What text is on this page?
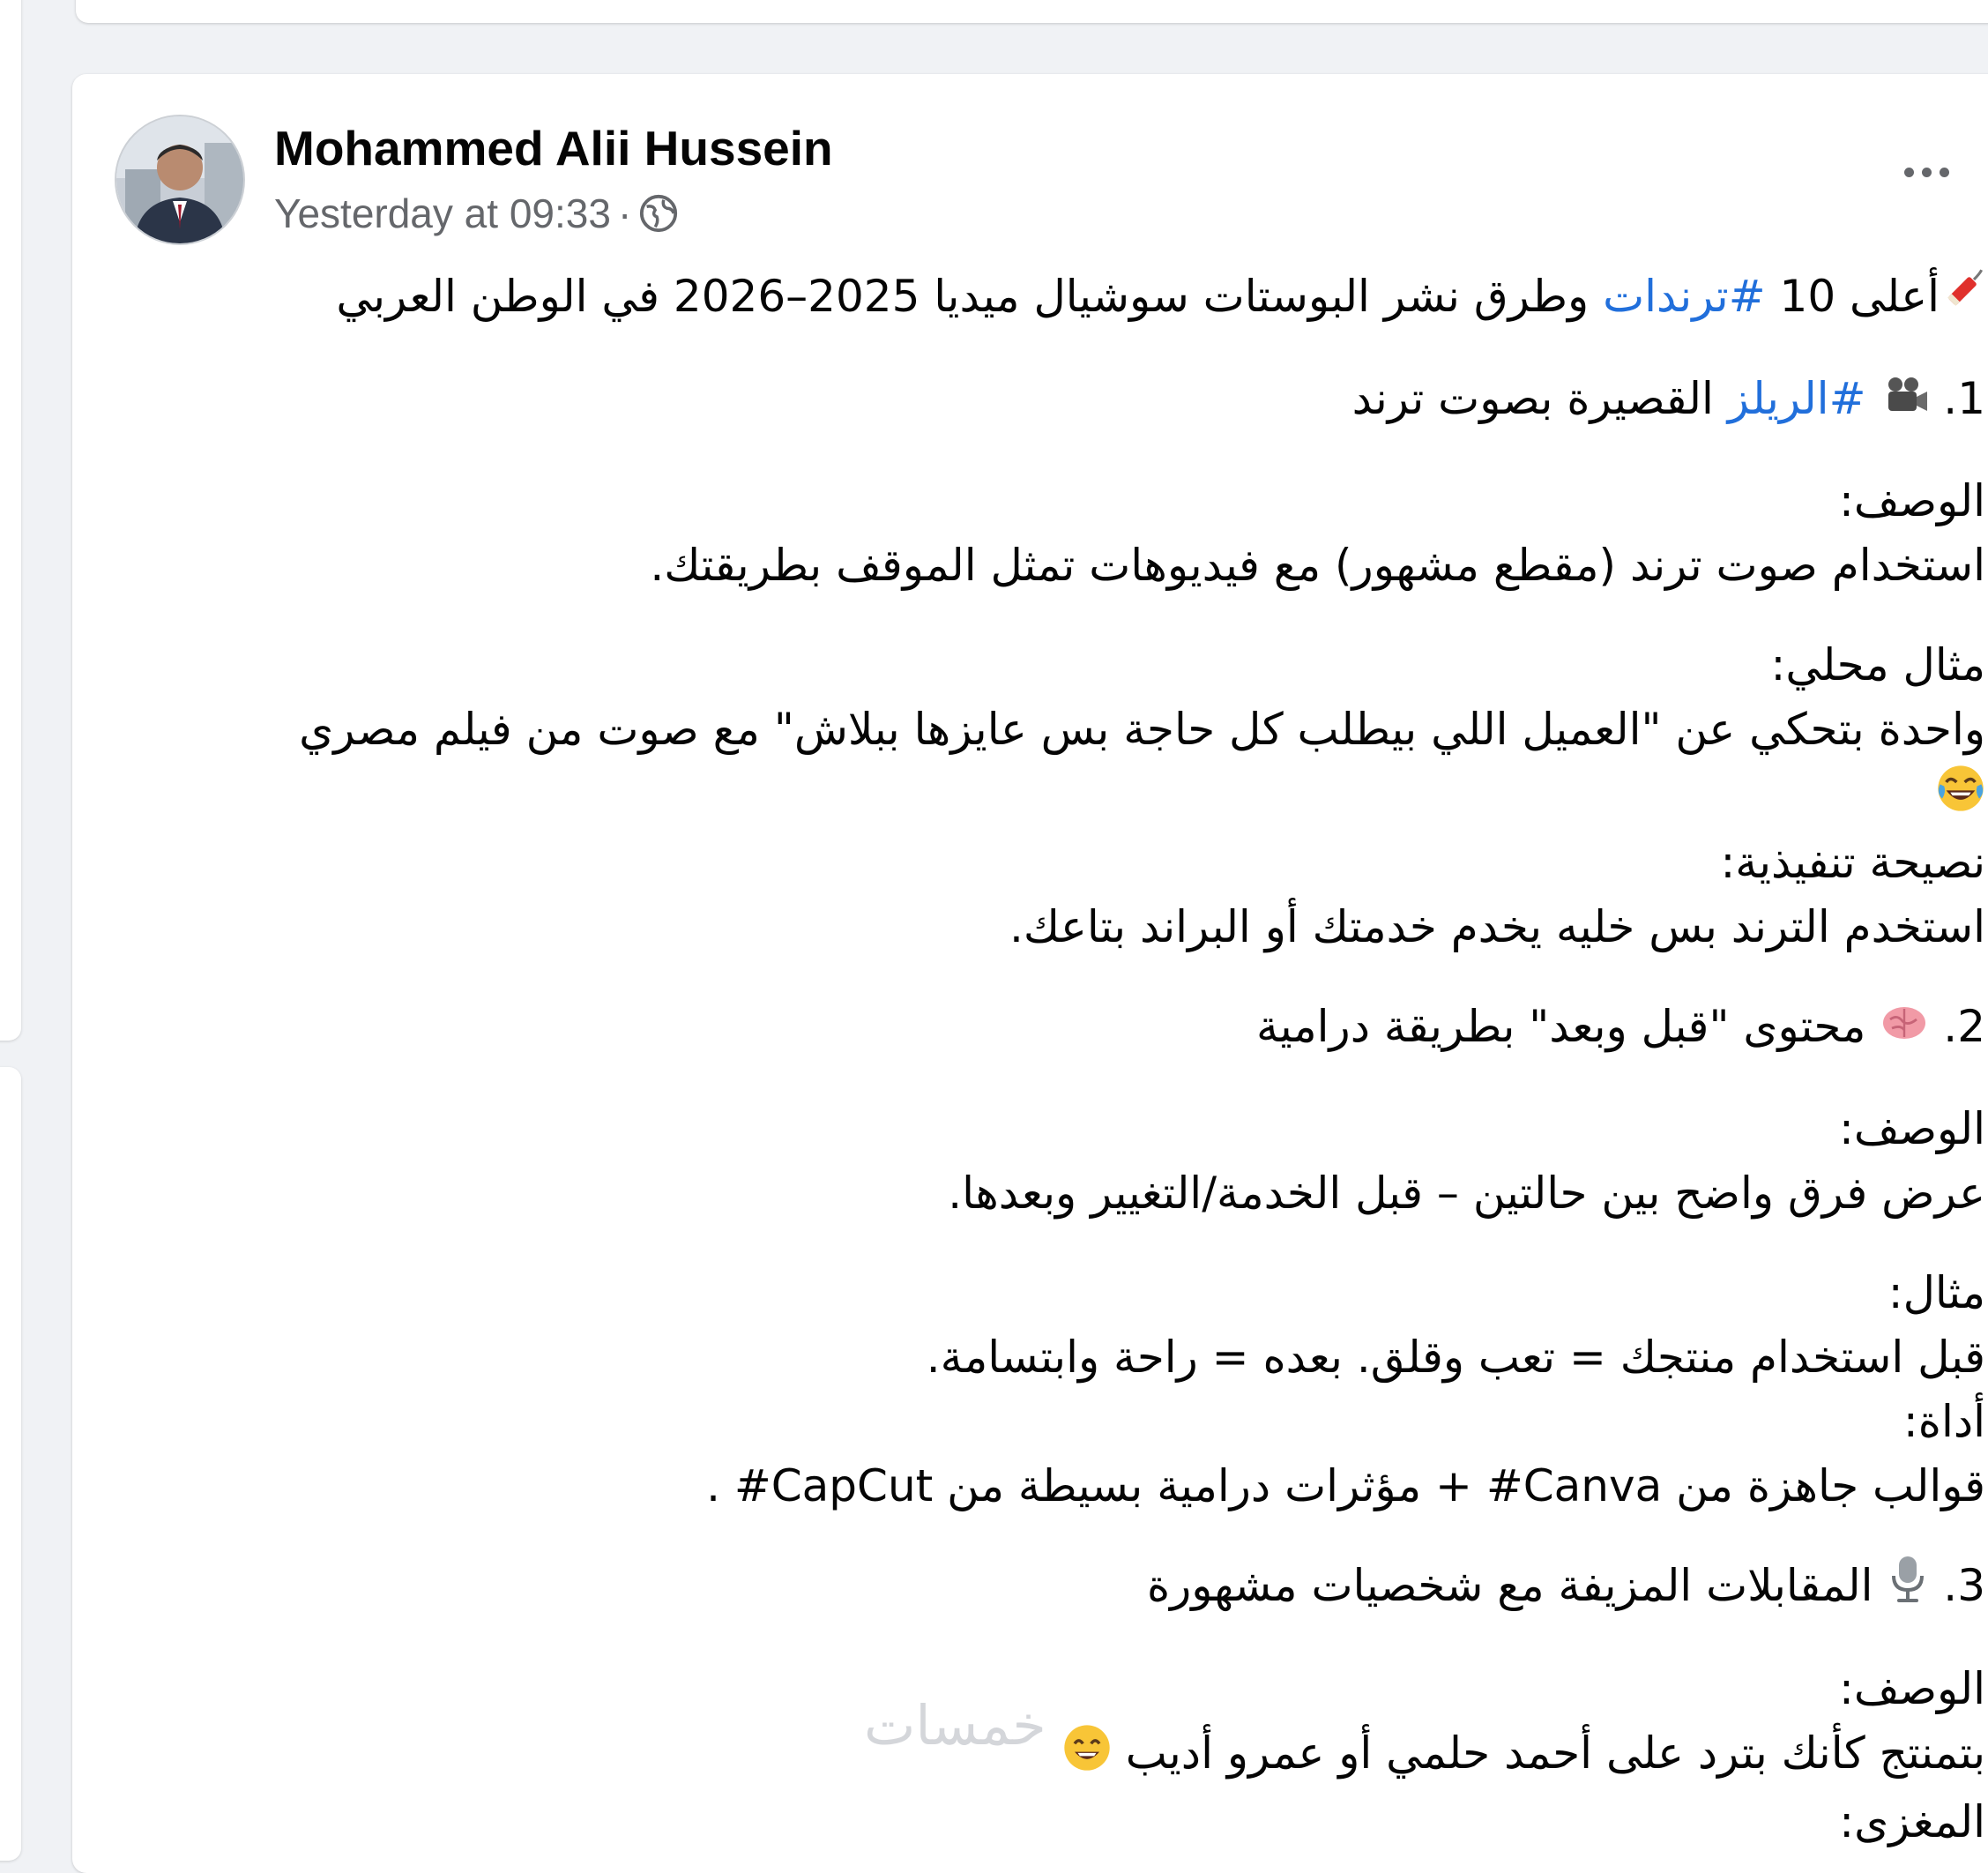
Mohammed Alii Hussein
Yesterday at 09:33 ·

أعلى 10 #ترندات وطرق نشر البوستات سوشيال ميديا 2025–2026 في الوطن العربي

1.  #الريلز القصيرة بصوت ترند

الوصف:

استخدام صوت ترند (مقطع مشهور) مع فيديوهات تمثل الموقف بطريقتك.

مثال محلي:

واحدة بتحكي عن "العميل اللي بيطلب كل حاجة بس عايزها ببلاش" مع صوت من فيلم مصري

نصيحة تنفيذية:

استخدم الترند بس خليه يخدم خدمتك أو البراند بتاعك.

2.  محتوى "قبل وبعد" بطريقة درامية

الوصف:

عرض فرق واضح بين حالتين – قبل الخدمة/التغيير وبعدها.

مثال:

قبل استخدام منتجك = تعب وقلق. بعده = راحة وابتسامة.

أداة:

قوالب جاهزة من Canva# + مؤثرات درامية بسيطة من CapCut# .

3.  المقابلات المزيفة مع شخصيات مشهورة

الوصف:

بتمنتج كأنك بترد على أحمد حلمي أو عمرو أديب

المغزى:

خمسات
